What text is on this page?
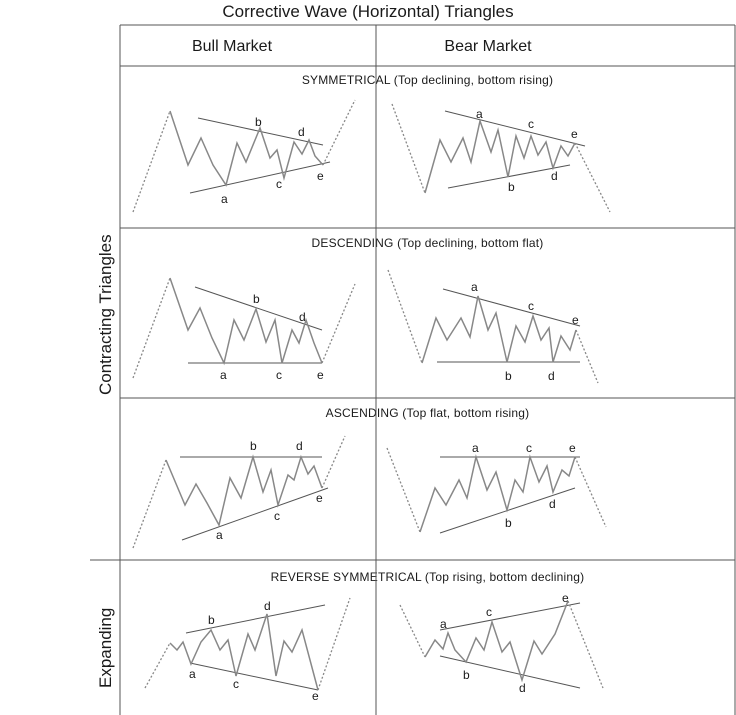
Corrective Wave (Horizontal) Triangles
Bull Market	Bear Market
SYMMETRICAL (Top declining, bottom rising)
DESCENDING (Top declining, bottom flat)
ASCENDING (Top flat, bottom rising)
REVERSE SYMMETRICAL (Top rising, bottom declining)
Contracting Triangles
Expanding
a
b
c
d
e
a
b
c
d
e
a
b
c
d
e
a
b
c
d
e
a
b
c
d
e
a
b
c
d
e
a
b
c
d
e
a
b
c
d
e
